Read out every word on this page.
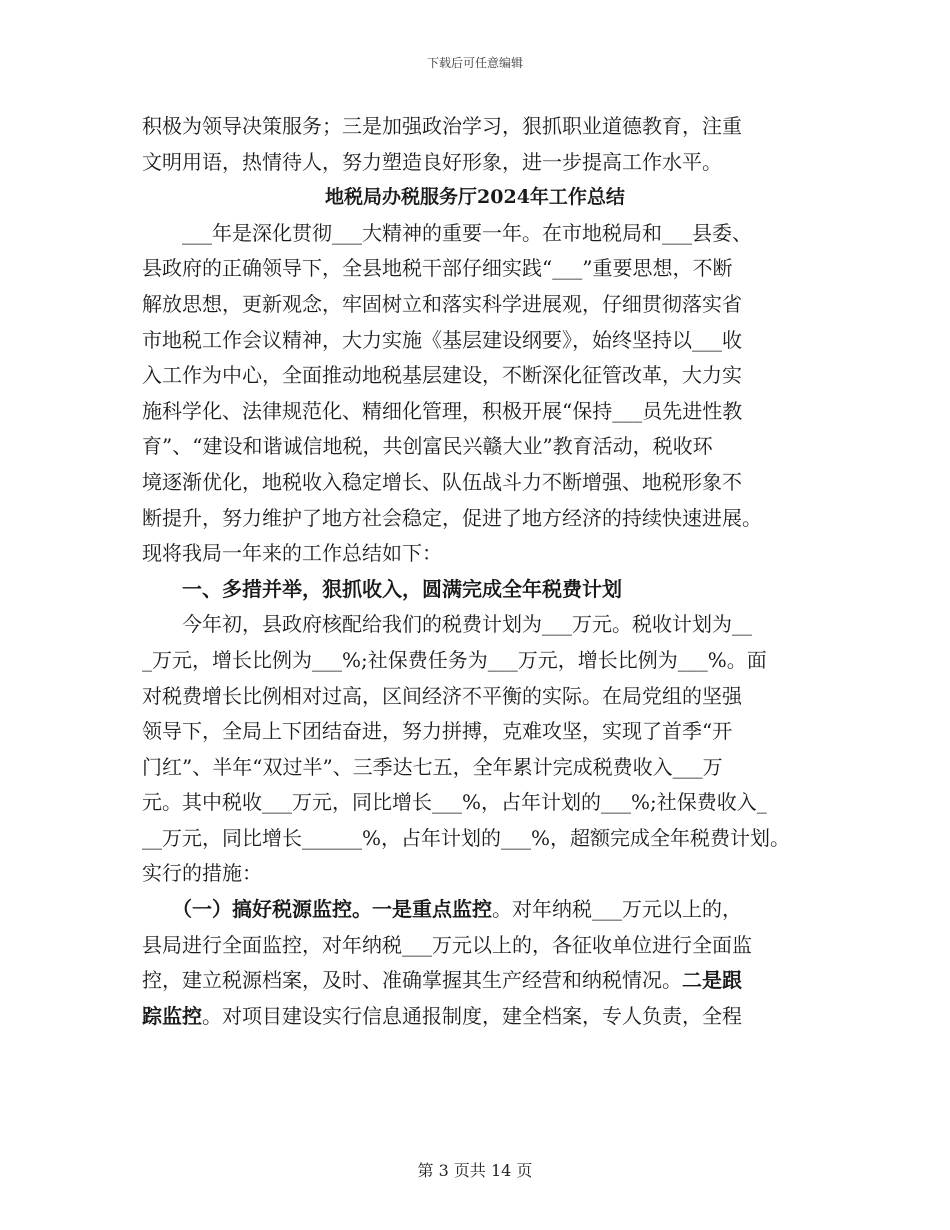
下载后可任意编辑
积极为领导决策服务；三是加强政治学习，狠抓职业道德教育，注重
文明用语，热情待人，努力塑造良好形象，进一步提高工作水平。
地税局办税服务厅2024年工作总结
　　___年是深化贯彻___大精神的重要一年。在市地税局和___县委、
县政府的正确领导下，全县地税干部仔细实践“___”重要思想，不断
解放思想，更新观念，牢固树立和落实科学进展观，仔细贯彻落实省
市地税工作会议精神，大力实施《基层建设纲要》，始终坚持以___收
入工作为中心，全面推动地税基层建设，不断深化征管改革，大力实
施科学化、法律规范化、精细化管理，积极开展“保持___员先进性教
育”、“建设和谐诚信地税，共创富民兴赣大业”教育活动，税收环
境逐渐优化，地税收入稳定增长、队伍战斗力不断增强、地税形象不
断提升，努力维护了地方社会稳定，促进了地方经济的持续快速进展。
现将我局一年来的工作总结如下：
　　一、多措并举，狠抓收入，圆满完成全年税费计划
　　今年初，县政府核配给我们的税费计划为___万元。税收计划为__
_万元，增长比例为___%;社保费任务为___万元，增长比例为___%。面
对税费增长比例相对过高，区间经济不平衡的实际。在局党组的坚强
领导下，全局上下团结奋进，努力拼搏，克难攻坚，实现了首季“开
门红”、半年“双过半”、三季达七五，全年累计完成税费收入___万
元。其中税收___万元，同比增长___%，占年计划的___%;社保费收入_
__万元，同比增长______%，占年计划的___%，超额完成全年税费计划。
实行的措施：
　　（一）搞好税源监控。一是重点监控。对年纳税___万元以上的，
县局进行全面监控，对年纳税___万元以上的，各征收单位进行全面监
控，建立税源档案，及时、准确掌握其生产经营和纳税情况。二是跟
踪监控。对项目建设实行信息通报制度，建全档案，专人负责，全程
第 3 页共 14 页
